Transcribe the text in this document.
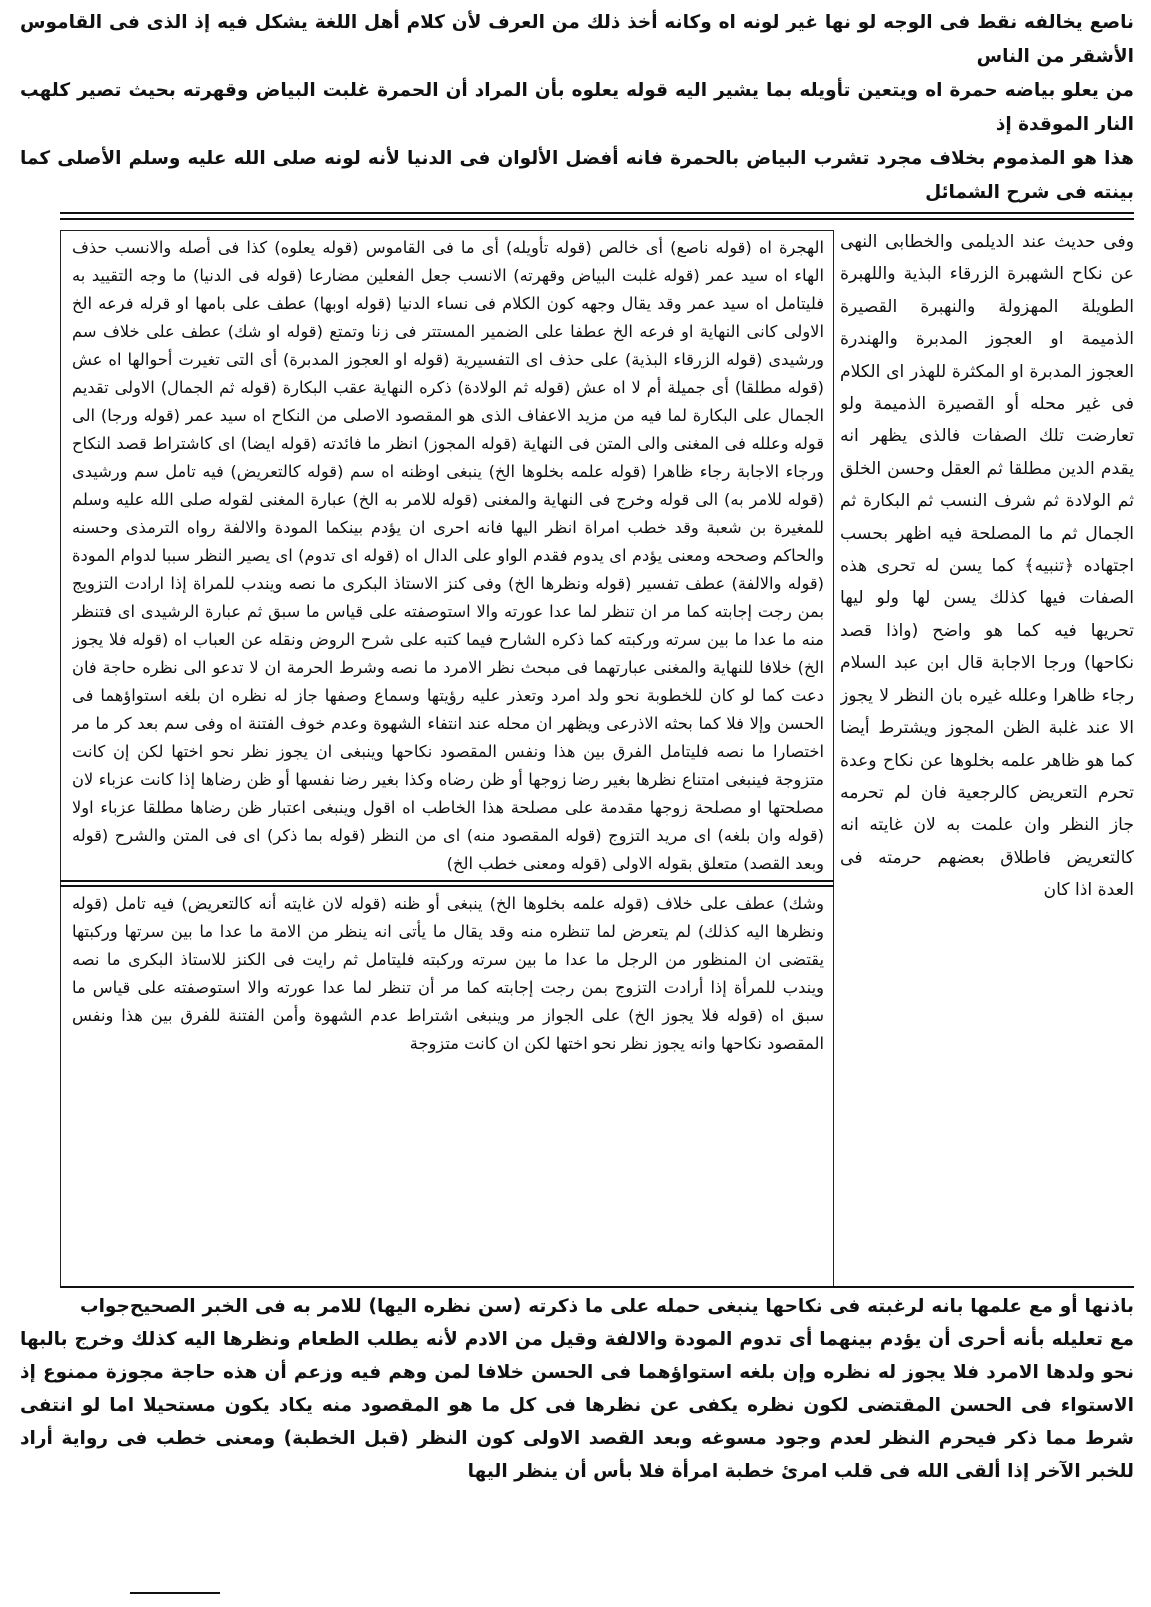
ناصع يخالفه نقط فى الوجه لو نها غير لونه اه وكانه أخذ ذلك من العرف لأن كلام أهل اللغة يشكل فيه إذ الذى فى القاموس الأشقر من الناس
من يعلو بياضه حمرة اه ويتعين تأويله بما يشير اليه قوله يعلوه بأن المراد أن الحمرة غلبت البياض وقهرته بحيث تصير كلهب النار الموقدة إذ
هذا هو المذموم بخلاف مجرد تشرب البياض بالحمرة فانه أفضل الألوان فى الدنيا لأنه لونه صلى الله عليه وسلم الأصلى كما بينته فى شرح الشمائل
الهجرة اه (قوله ناصع) أى خالص (قوله تأويله) أى ما فى القاموس (قوله يعلوه) كذا فى أصله والانسب حذف الهاء اه سيد عمر (قوله غلبت البياض وقهرته) الانسب جعل الفعلين مضارعا (قوله فى الدنيا) ما وجه التقييد به فليتامل اه سيد عمر وقد يقال وجهه كون الكلام فى نساء الدنيا (قوله اوبها) عطف على بامها او قرله فرعه الخ الاولى كانى النهاية او فرعه الخ عطفا على الضمير المستتر فى زنا وتمتع (قوله او شك) عطف على خلاف سم ورشيدى (قوله الزرقاء البذية) على حذف اى التفسيرية (قوله او العجوز المدبرة) أى التى تغيرت أحوالها اه عش (قوله مطلقا) أى جميلة أم لا اه عش (قوله ثم الولادة) ذكره النهاية عقب البكارة (قوله ثم الجمال) الاولى تقديم الجمال على البكارة لما فيه من مزيد الاعفاف الذى هو المقصود الاصلى من النكاح اه سيد عمر (قوله ورجا) الى قوله وعلله فى المغنى والى المتن فى النهاية (قوله المجوز) انظر ما فائدته (قوله ايضا) اى كاشتراط قصد النكاح ورجاء الاجابة رجاء ظاهرا (قوله علمه بخلوها الخ) ينبغى اوظنه اه سم (قوله كالتعريض) فيه تامل سم ورشيدى (قوله للامر به) الى قوله وخرج فى النهاية والمغنى (قوله للامر به الخ) عبارة المغنى لقوله صلى الله عليه وسلم للمغيرة بن شعبة وقد خطب امراة انظر اليها فانه احرى ان يؤدم بينكما المودة والالفة رواه الترمذى وحسنه والحاكم وصححه ومعنى يؤدم اى يدوم فقدم الواو على الدال اه (قوله اى تدوم) اى يصير النظر سببا لدوام المودة (قوله والالفة) عطف تفسير (قوله ونظرها الخ) وفى كنز الاستاذ البكرى ما نصه ويندب للمراة إذا ارادت التزويج بمن رجت إجابته كما مر ان تنظر لما عدا عورته والا استوصفته على قياس ما سبق ثم عبارة الرشيدى اى فتنظر منه ما عدا ما بين سرته وركبته كما ذكره الشارح فيما كتبه على شرح الروض ونقله عن العباب اه (قوله فلا يجوز الخ) خلافا للنهاية والمغنى عبارتهما فى مبحث نظر الامرد ما نصه وشرط الحرمة ان لا تدعو الى نظره حاجة فان دعت كما لو كان للخطوبة نحو ولد امرد وتعذر عليه رؤيتها وسماع وصفها جاز له نظره ان بلغه استواؤهما فى الحسن وإلا فلا كما بحثه الاذرعى ويظهر ان محله عند انتفاء الشهوة وعدم خوف الفتنة اه وفى سم بعد كر ما مر اختصارا ما نصه فليتامل الفرق بين هذا ونفس المقصود نكاحها وينبغى ان يجوز نظر نحو اختها لكن إن كانت متزوجة فينبغى امتناع نظرها بغير رضا زوجها أو ظن رضاه وكذا بغير رضا نفسها أو ظن رضاها إذا كانت عزباء لان مصلحتها او مصلحة زوجها مقدمة على مصلحة هذا الخاطب اه اقول وينبغى اعتبار ظن رضاها مطلقا عزباء اولا (قوله وان بلغه) اى مريد التزوج (قوله المقصود منه) اى من النظر (قوله بما ذكر) اى فى المتن والشرح (قوله وبعد القصد) متعلق بقوله الاولى (قوله ومعنى خطب الخ)
وشك) عطف على خلاف (قوله علمه بخلوها الخ) ينبغى أو ظنه (قوله لان غايته أنه كالتعريض) فيه تامل (قوله ونظرها اليه كذلك) لم يتعرض لما تنظره منه وقد يقال ما يأتى انه ينظر من الامة ما عدا ما بين سرتها وركبتها يقتضى ان المنظور من الرجل ما عدا ما بين سرته وركبته فليتامل ثم رايت فى الكنز للاستاذ البكرى ما نصه ويندب للمرأة إذا أرادت التزوج بمن رجت إجابته كما مر أن تنظر لما عدا عورته والا استوصفته على قياس ما سبق اه (قوله فلا يجوز الخ) على الجواز مر وينبغى اشتراط عدم الشهوة وأمن الفتنة للفرق بين هذا ونفس المقصود نكاحها وانه يجوز نظر نحو اختها لكن ان كانت متزوجة
وفى حديث عند الديلمى والخطابى النهى عن نكاح الشهبرة الزرقاء البذية واللهبرة الطويلة المهزولة والنهبرة القصيرة الذميمة او العجوز المدبرة والهندرة العجوز المدبرة او المكثرة للهذر اى الكلام فى غير محله أو القصيرة الذميمة ولو تعارضت تلك الصفات فالذى يظهر انه يقدم الدين مطلقا ثم العقل وحسن الخلق ثم الولادة ثم شرف النسب ثم البكارة ثم الجمال ثم ما المصلحة فيه اظهر بحسب اجتهاده ﴿تنبيه﴾ كما يسن له تحرى هذه الصفات فيها كذلك يسن لها ولو ليها تحريها فيه كما هو واضح (واذا قصد نكاحها) ورجا الاجابة قال ابن عبد السلام رجاء ظاهرا وعلله غيره بان النظر لا يجوز الا عند غلبة الظن المجوز ويشترط أيضا كما هو ظاهر علمه بخلوها عن نكاح وعدة تحرم التعريض كالرجعية فان لم تحرمه جاز النظر وان علمت به لان غايته انه كالتعريض فاطلاق بعضهم حرمته فى العدة اذا كان
جواب باذنها أو مع علمها بانه لرغبته فى نكاحها ينبغى حمله على ما ذكرته (سن نظره اليها) للامر به فى الخبر الصحيح مع تعليله بأنه أحرى أن يؤدم بينهما أى تدوم المودة والالفة وقيل من الادم لأنه يطلب الطعام ونظرها اليه كذلك وخرج بالبها نحو ولدها الامرد فلا يجوز له نظره وإن بلغه استواؤهما فى الحسن خلافا لمن وهم فيه وزعم أن هذه حاجة مجوزة ممنوع إذ الاستواء فى الحسن المقتضى لكون نظره يكفى عن نظرها فى كل ما هو المقصود منه يكاد يكون مستحيلا اما لو انتفى شرط مما ذكر فيحرم النظر لعدم وجود مسوغه وبعد القصد الاولى كون النظر (قبل الخطبة) ومعنى خطب فى رواية أراد للخبر الآخر إذا ألقى الله فى قلب امرئ خطبة امرأة فلا بأس أن ينظر اليها
